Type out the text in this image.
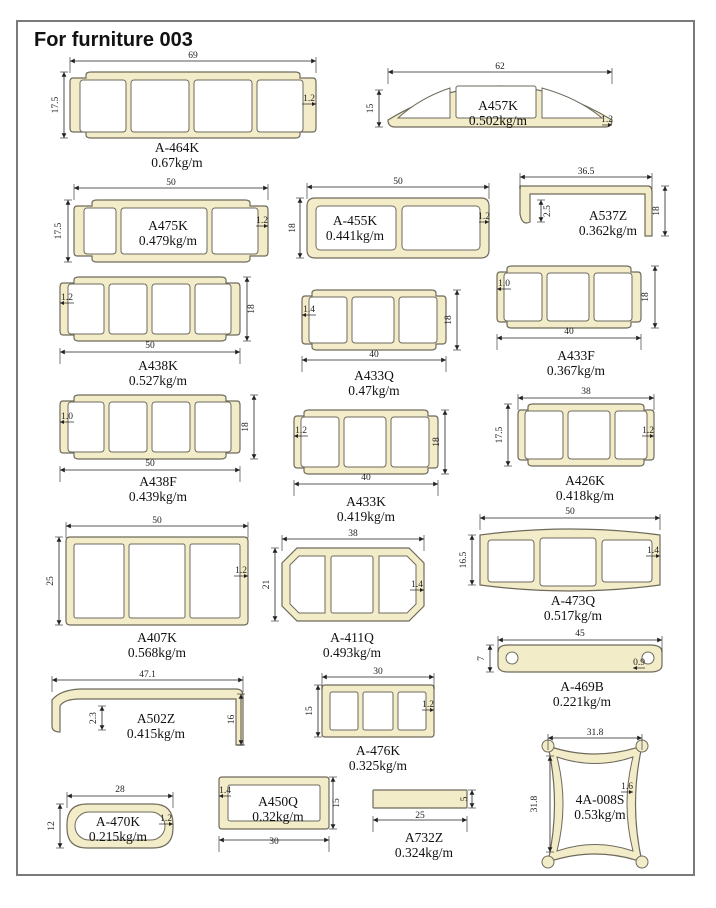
For furniture 003
69
17.5	1.2
62
15
1.2
50
17.5
1.2
50
18
1.2
36.5
18
2.5
50
18
1.2
40
18
1.4
40
18
1.0
50
18
1.0
40
18
1.2
38
17.5	1.2
50
25
1.2
38
21	1.4
50
16.5
1.4
45
7	0.9
47.1
16
2.3
30
15
1.2
31.8
31.8
1.6
28
12
1.2
30
15
1.4
25
5
A-464K
0.67kg/m
A457K
0.502kg/m
A475K
0.479kg/m
A-455K
0.441kg/m
A537Z
0.362kg/m
A438K
0.527kg/m	A433Q
0.47kg/m
A433F
0.367kg/m
A438F
0.439kg/m	A433K
0.419kg/m
A426K
0.418kg/m
A407K
0.568kg/m
A-411Q
0.493kg/m
A-473Q
0.517kg/m
A-469B
0.221kg/m
A502Z
0.415kg/m
A-476K
0.325kg/m
4A-008S
0.53kg/m
A-470K
0.215kg/m
A450Q
0.32kg/m
A732Z
0.324kg/m
